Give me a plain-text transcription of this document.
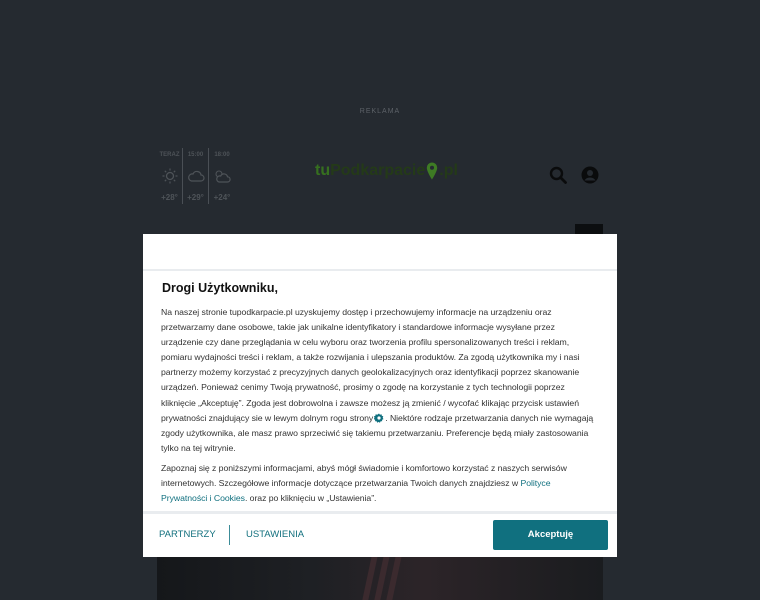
REKLAMA
TERAZ
+28°
15:00
+29°
18:00
+24°
tu Podkarpacie .pl
Drogi Użytkowniku,

Na naszej stronie tupodkarpacie.pl uzyskujemy dostęp i przechowujemy informacje na urządzeniu oraz przetwarzamy dane osobowe, takie jak unikalne identyfikatory i standardowe informacje wysyłane przez urządzenie czy dane przeglądania w celu wyboru oraz tworzenia profilu spersonalizowanych treści i reklam, pomiaru wydajności treści i reklam, a także rozwijania i ulepszania produktów. Za zgodą użytkownika my i nasi partnerzy możemy korzystać z precyzyjnych danych geolokalizacyjnych oraz identyfikacji poprzez skanowanie urządzeń. Ponieważ cenimy Twoją prywatność, prosimy o zgodę na korzystanie z tych technologii poprzez kliknięcie „Akceptuję”. Zgoda jest dobrowolna i zawsze możesz ją zmienić / wycofać klikając przycisk ustawień prywatności znajdujący sie w lewym dolnym rogu strony . Niektóre rodzaje przetwarzania danych nie wymagają zgody użytkownika, ale masz prawo sprzeciwić się takiemu przetwarzaniu. Preferencje będą miały zastosowania tylko na tej witrynie.

Zapoznaj się z poniższymi informacjami, abyś mógł świadomie i komfortowo korzystać z naszych serwisów internetowych. Szczegółowe informacje dotyczące przetwarzania Twoich danych znajdziesz w Polityce Prywatności i Cookies. oraz po kliknięciu w „Ustawienia”.

PARTNERZY	USTAWIENIA	Akceptuję
